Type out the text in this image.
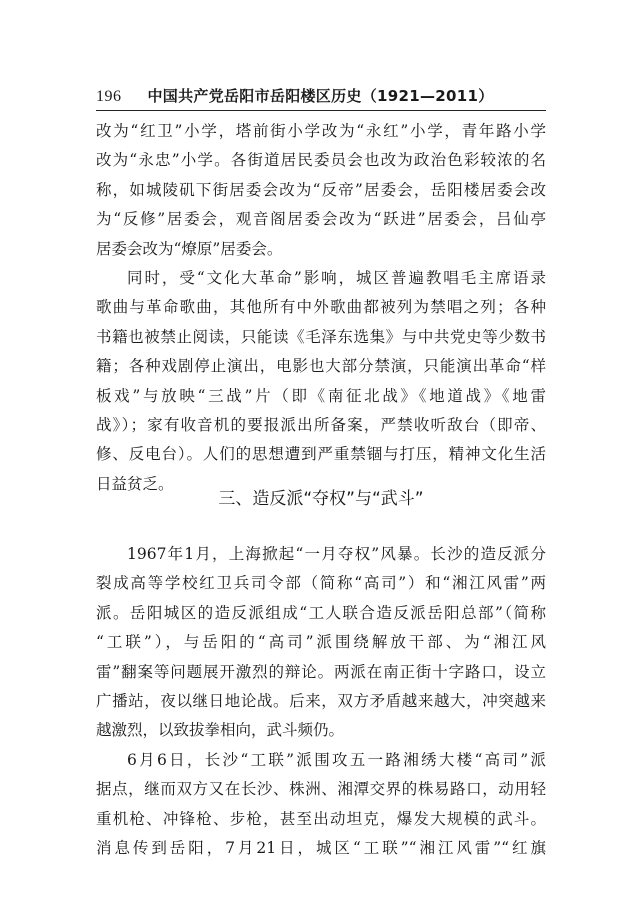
196 中国共产党岳阳市岳阳楼区历史（1921—2011）
改为“红卫”小学，塔前街小学改为“永红”小学，青年路小学
改为“永忠”小学。各街道居民委员会也改为政治色彩较浓的名
称，如城陵矶下街居委会改为“反帝”居委会，岳阳楼居委会改
为“反修”居委会，观音阁居委会改为“跃进”居委会，吕仙亭
居委会改为“燎原”居委会。
同时，受“文化大革命”影响，城区普遍教唱毛主席语录
歌曲与革命歌曲，其他所有中外歌曲都被列为禁唱之列；各种
书籍也被禁止阅读，只能读《毛泽东选集》与中共党史等少数书
籍；各种戏剧停止演出，电影也大部分禁演，只能演出革命“样
板戏”与放映“三战”片（即《南征北战》《地道战》《地雷
战》）；家有收音机的要报派出所备案，严禁收听敌台（即帝、
修、反电台）。人们的思想遭到严重禁锢与打压，精神文化生活
日益贫乏。
三、造反派“夺权”与“武斗”
1967年1月，上海掀起“一月夺权”风暴。长沙的造反派分
裂成高等学校红卫兵司令部（简称“高司”）和“湘江风雷”两
派。岳阳城区的造反派组成“工人联合造反派岳阳总部”（简称
“工联”），与岳阳的“高司”派围绕解放干部、为“湘江风
雷”翻案等问题展开激烈的辩论。两派在南正街十字路口，设立
广播站，夜以继日地论战。后来，双方矛盾越来越大，冲突越来
越激烈，以致拔拳相向，武斗频仍。
6月6日，长沙“工联”派围攻五一路湘绣大楼“高司”派
据点，继而双方又在长沙、株洲、湘潭交界的株易路口，动用轻
重机枪、冲锋枪、步枪，甚至出动坦克，爆发大规模的武斗。
消息传到岳阳，7月21日，城区“工联”“湘江风雷”“红旗
